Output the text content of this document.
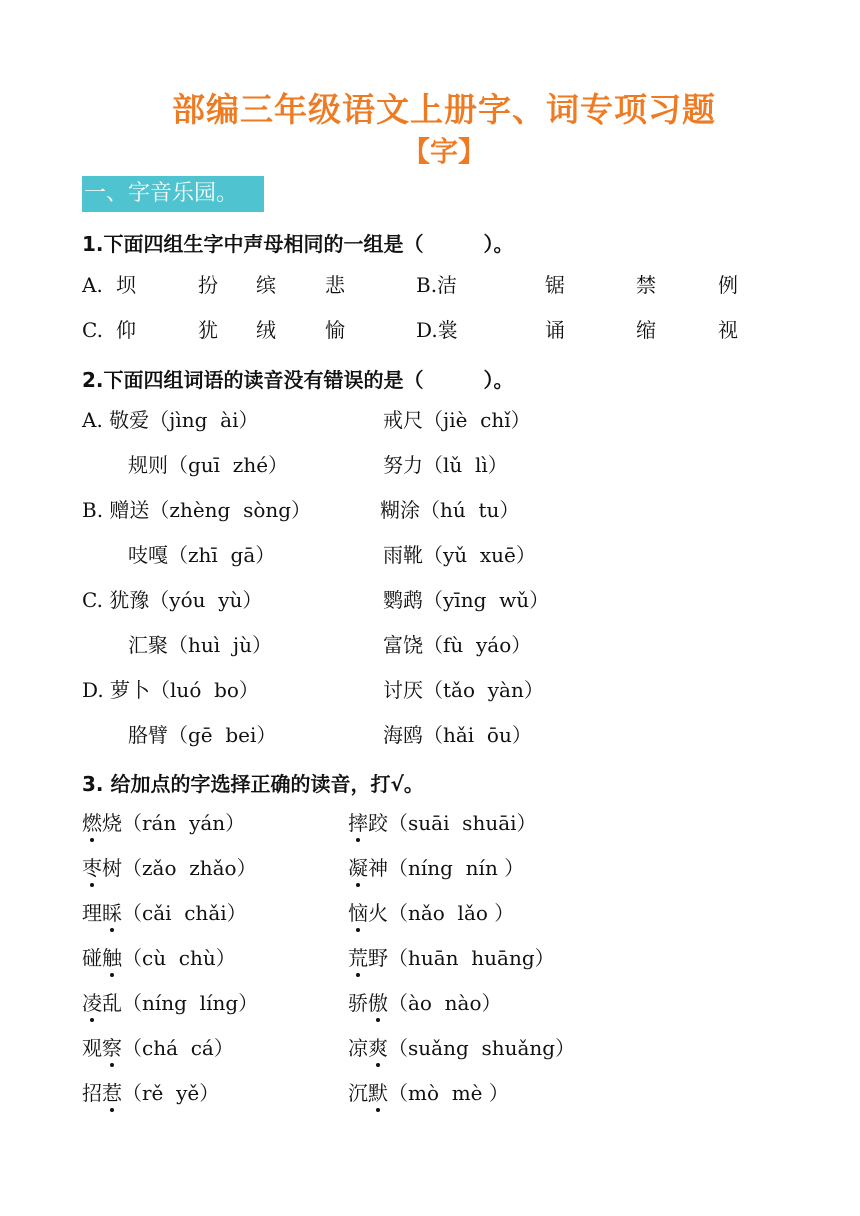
部编三年级语文上册字、词专项习题
【字】
一、字音乐园。
1.下面四组生字中声母相同的一组是（　　　）。
A. 坝	扮 缤 悲	B.洁	锯	禁	例
C. 仰	犹 绒 愉	D.裳	诵	缩	视
2.下面四组词语的读音没有错误的是（　　　）。
A. 敬爱（jìng  ài）	戒尺（jiè  chǐ）
规则（guī  zhé）	努力（lǔ  lì）
B. 赠送（zhèng  sòng）	糊涂（hú  tu）
吱嘎（zhī  gā）	雨靴（yǔ  xuē）
C. 犹豫（yóu  yù）	鹦鹉（yīng  wǔ）
汇聚（huì  jù）	富饶（fù  yáo）
D. 萝卜（luó  bo）	讨厌（tǎo  yàn）
胳臂（gē  bei）	海鸥（hǎi  ōu）
3. 给加点的字选择正确的读音，打√。
燃烧（rán  yán）	摔跤（suāi  shuāi）
枣树（zǎo  zhǎo）	凝神（níng  nín ）
理睬（cǎi  chǎi）	恼火（nǎo  lǎo ）
碰触（cù  chù）	荒野（huān  huāng）
凌乱（níng  líng）	骄傲（ào  nào）
观察（chá  cá）	凉爽（suǎng  shuǎng）
招惹（rě  yě）	沉默（mò  mè ）
